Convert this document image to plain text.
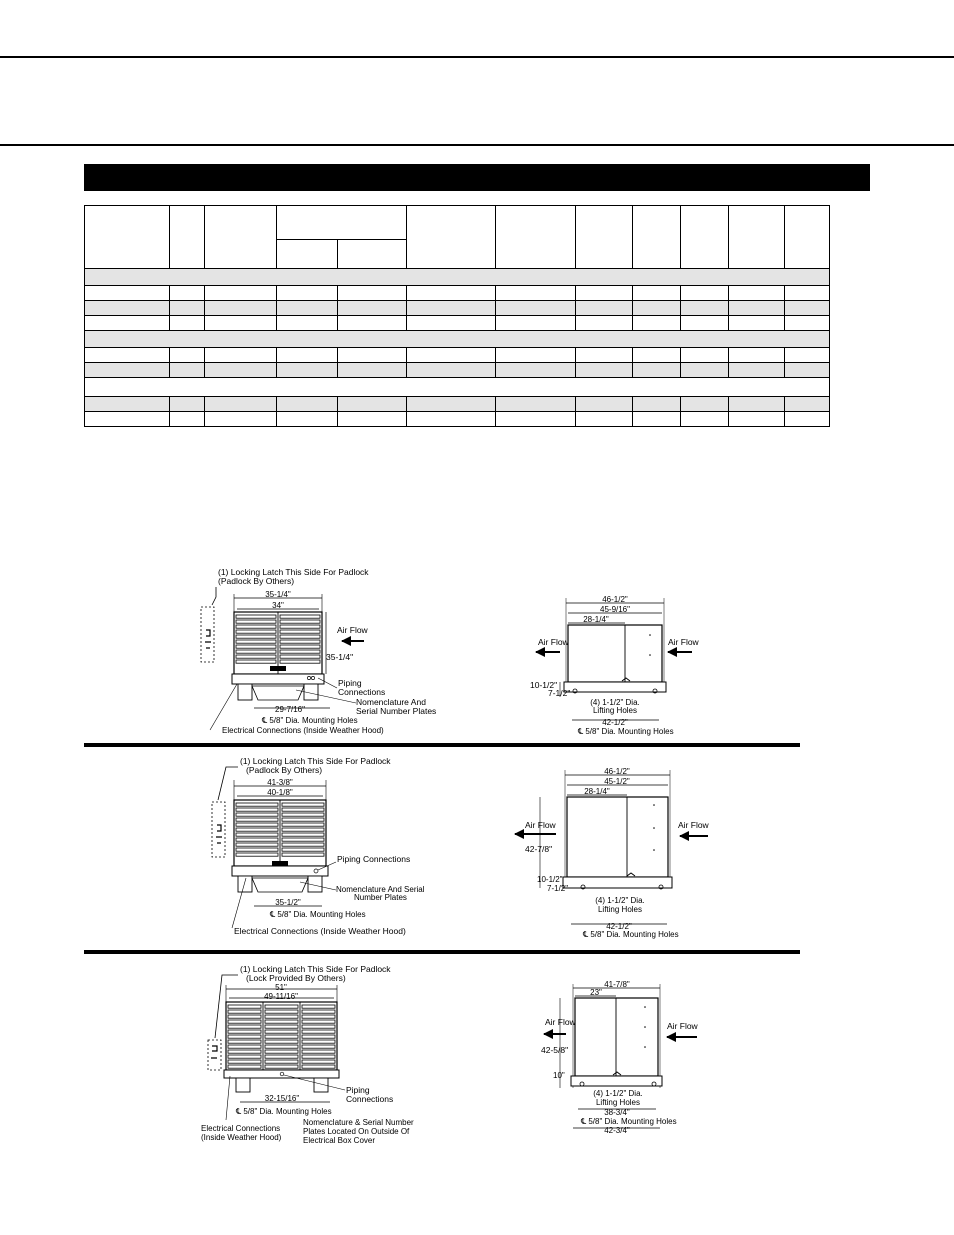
(1) Locking Latch This Side For Padlock
(Padlock By Others)
35-1/4"
34"
35-1/4"
Air Flow
Piping
Connections
Nomenclature And
Serial Number Plates
29-7/16"
℄ 5/8" Dia. Mounting Holes
Electrical Connections (Inside Weather Hood)
46-1/2"
45-9/16"
28-1/4"
Air Flow	Air Flow
10-1/2"
7-1/2"
(4) 1-1/2" Dia.
Lifting Holes
42-1/2"
℄ 5/8" Dia. Mounting Holes
(1) Locking Latch This Side For Padlock
(Padlock By Others)
41-3/8"
40-1/8"
Piping Connections
Nomenclature And Serial
Number Plates
35-1/2"
℄ 5/8" Dia. Mounting Holes
Electrical Connections (Inside Weather Hood)
46-1/2"
45-1/2"
28-1/4"
Air Flow	Air Flow
42-7/8"
10-1/2"
7-1/2"
(4) 1-1/2" Dia.
Lifting Holes
42-1/2"
℄ 5/8" Dia. Mounting Holes
(1) Locking Latch This Side For Padlock
(Lock Provided By Others)
51"
49-11/16"
Piping
Connections
32-15/16"
℄ 5/8" Dia. Mounting Holes
Electrical Connections
(Inside Weather Hood)
Nomenclature & Serial Number
Plates Located On Outside Of
Electrical Box Cover
41-7/8"
23"
Air Flow	Air Flow
42-5/8"
10"
(4) 1-1/2" Dia.
Lifting Holes
38-3/4"
℄ 5/8" Dia. Mounting Holes
42-3/4"
